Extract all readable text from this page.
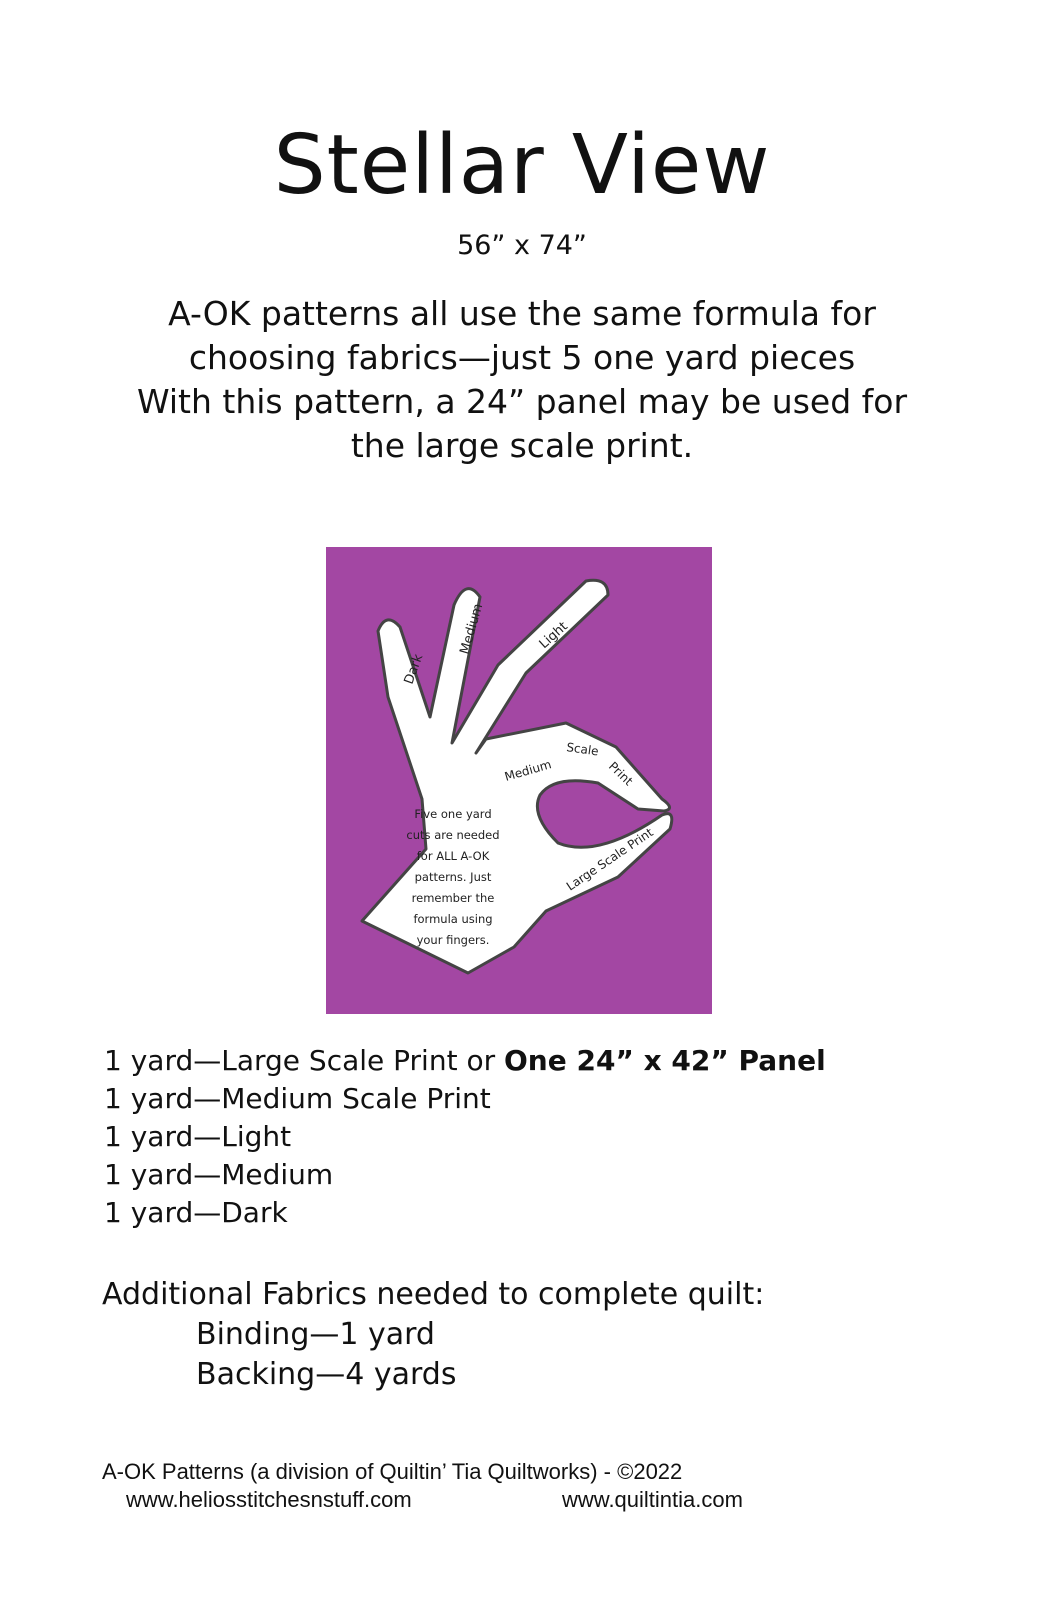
Stellar View
56” x 74”
A-OK patterns all use the same formula for
choosing fabrics—just 5 one yard pieces
With this pattern, a 24” panel may be used for
the large scale print.
Dark
Medium	Light
Medium
Scale
Print
Large Scale Print
Five one yard
cuts are needed
for ALL A-OK
patterns. Just
remember the
formula using
your fingers.
1 yard—Large Scale Print or One 24” x 42” Panel
1 yard—Medium Scale Print
1 yard—Light
1 yard—Medium
1 yard—Dark
Additional Fabrics needed to complete quilt:
Binding—1 yard
Backing—4 yards
A-OK Patterns (a division of Quiltin’ Tia Quiltworks) - ©2022
www.heliosstitchesnstuff.com	www.quiltintia.com
